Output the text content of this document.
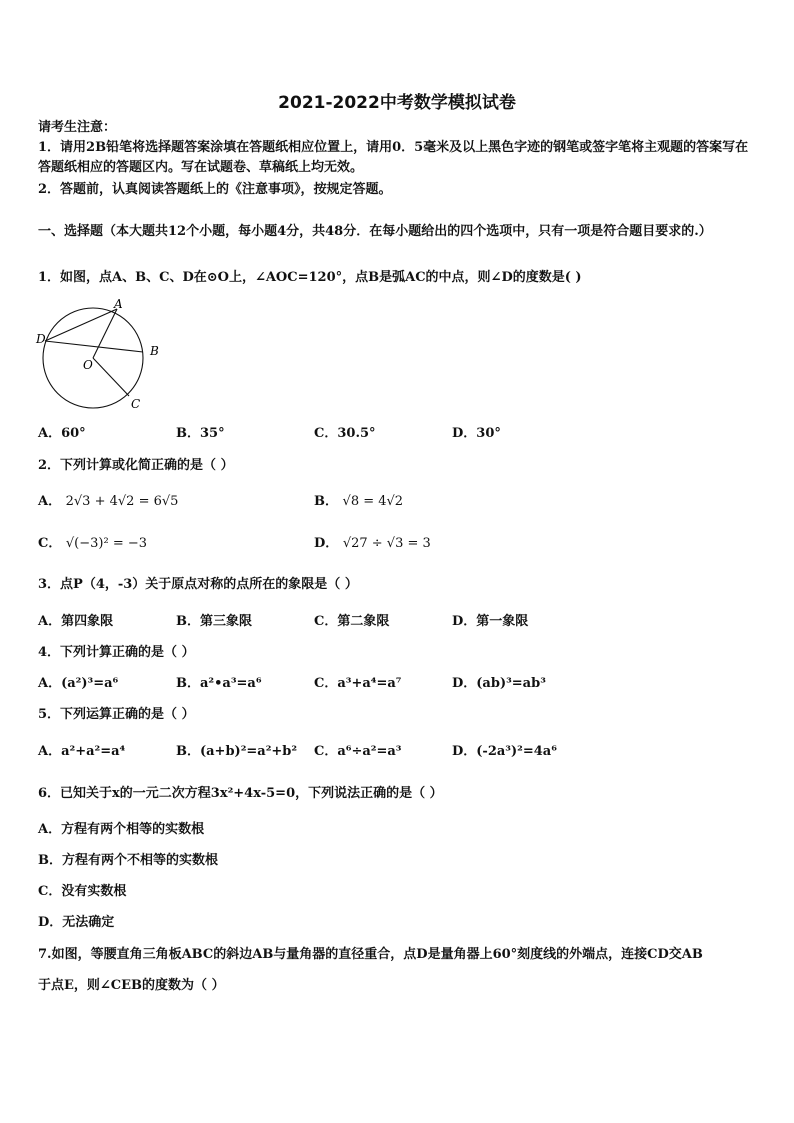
2021-2022中考数学模拟试卷
请考生注意：
1．请用2B铅笔将选择题答案涂填在答题纸相应位置上，请用0．5毫米及以上黑色字迹的钢笔或签字笔将主观题的答案写在答题纸相应的答题区内。写在试题卷、草稿纸上均无效。
2．答题前，认真阅读答题纸上的《注意事项》，按规定答题。
一、选择题（本大题共12个小题，每小题4分，共48分．在每小题给出的四个选项中，只有一项是符合题目要求的.）
1．如图，点A、B、C、D在⊙O上，∠AOC=120°，点B是弧AC的中点，则∠D的度数是( )
A
B
C
D
O
A．60°	B．35°	C．30.5°	D．30°
2．下列计算或化简正确的是（ ）
A． 2√3 + 4√2 = 6√5	B． √8 = 4√2
C． √(−3)² = −3	D． √27 ÷ √3 = 3
3．点P（4，-3）关于原点对称的点所在的象限是（ ）
A．第四象限	B．第三象限	C．第二象限	D．第一象限
4．下列计算正确的是（ ）
A．(a²)³=a⁶	B．a²•a³=a⁶	C．a³+a⁴=a⁷	D．(ab)³=ab³
5．下列运算正确的是（ ）
A．a²+a²=a⁴	B．(a+b)²=a²+b² C．a⁶÷a²=a³	D．(-2a³)²=4a⁶
6．已知关于x的一元二次方程3x²+4x-5=0，下列说法正确的是（ ）
A．方程有两个相等的实数根
B．方程有两个不相等的实数根
C．没有实数根
D．无法确定
7.如图，等腰直角三角板ABC的斜边AB与量角器的直径重合，点D是量角器上60°刻度线的外端点，连接CD交AB
于点E，则∠CEB的度数为（ ）
